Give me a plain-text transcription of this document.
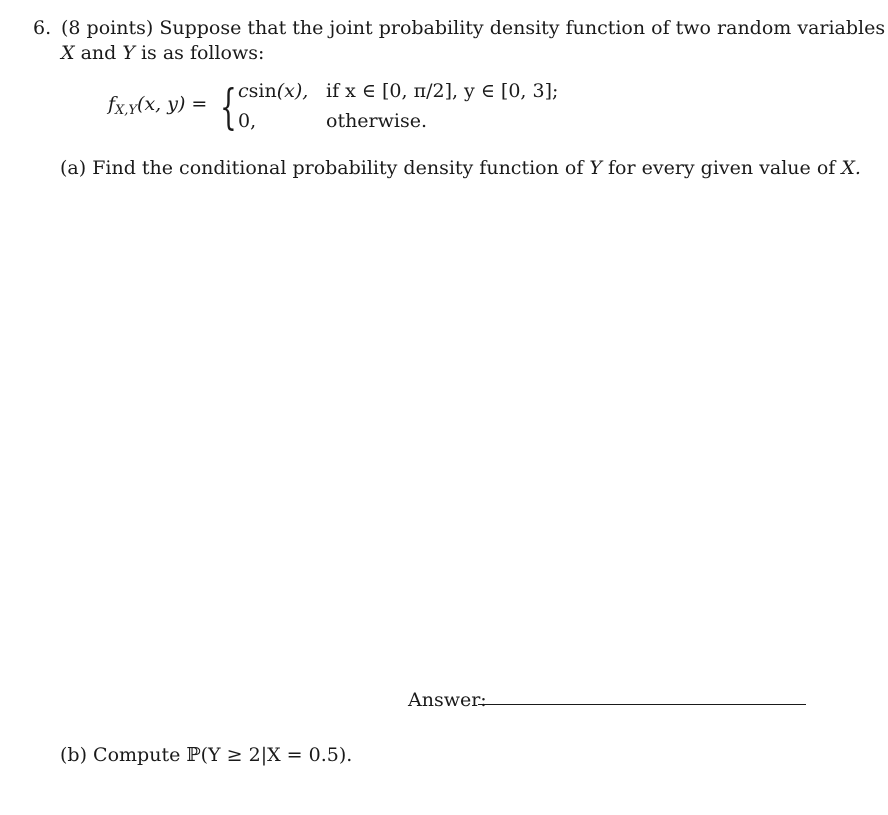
6. (8 points) Suppose that the joint probability density function of two random variables
X and Y is as follows:
$f_{X,Y}(x$, y) = { csin(x), if x ∈ [0, π/2], y ∈ [0, 3];
0,	otherwise.
(a) Find the conditional probability density function of Y for every given value of X.
Answer:
(b) Compute ℙ(Y ≥ 2|X = 0.5).
